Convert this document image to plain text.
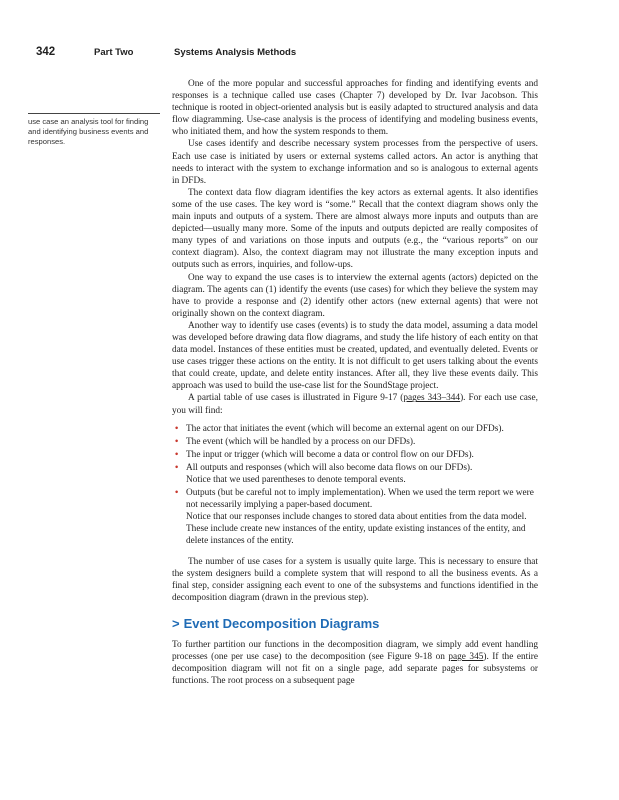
342	Part Two	Systems Analysis Methods
use case an analysis tool for finding and identifying business events and responses.

One of the more popular and successful approaches for finding and identifying events and responses is a technique called use cases (Chapter 7) developed by Dr. Ivar Jacobson. This technique is rooted in object-oriented analysis but is easily adapted to structured analysis and data flow diagramming. Use-case analysis is the process of identifying and modeling business events, who initiated them, and how the system responds to them.

Use cases identify and describe necessary system processes from the perspective of users. Each use case is initiated by users or external systems called actors. An actor is anything that needs to interact with the system to exchange information and so is analogous to external agents in DFDs.

The context data flow diagram identifies the key actors as external agents. It also identifies some of the use cases. The key word is “some.” Recall that the context diagram shows only the main inputs and outputs of a system. There are almost always more inputs and outputs than are depicted—usually many more. Some of the inputs and outputs depicted are really composites of many types of and variations on those inputs and outputs (e.g., the “various reports” on our context diagram). Also, the context diagram may not illustrate the many exception inputs and outputs such as errors, inquiries, and follow-ups.

One way to expand the use cases is to interview the external agents (actors) depicted on the diagram. The agents can (1) identify the events (use cases) for which they believe the system may have to provide a response and (2) identify other actors (new external agents) that were not originally shown on the context diagram.

Another way to identify use cases (events) is to study the data model, assuming a data model was developed before drawing data flow diagrams, and study the life history of each entity on that data model. Instances of these entities must be created, updated, and eventually deleted. Events or use cases trigger these actions on the entity. It is not difficult to get users talking about the events that could create, update, and delete entity instances. After all, they live these events daily. This approach was used to build the use-case list for the SoundStage project.

A partial table of use cases is illustrated in Figure 9-17 (pages 343–344). For each use case, you will find:

• The actor that initiates the event (which will become an external agent on our DFDs).
• The event (which will be handled by a process on our DFDs).
• The input or trigger (which will become a data or control flow on our DFDs).
• All outputs and responses (which will also become data flows on our DFDs).
Notice that we used parentheses to denote temporal events.
• Outputs (but be careful not to imply implementation). When we used the term report we were not necessarily implying a paper-based document.
Notice that our responses include changes to stored data about entities from the data model. These include create new instances of the entity, update existing instances of the entity, and delete instances of the entity.

The number of use cases for a system is usually quite large. This is necessary to ensure that the system designers build a complete system that will respond to all the business events. As a final step, consider assigning each event to one of the subsystems and functions identified in the decomposition diagram (drawn in the previous step).

> Event Decomposition Diagrams

To further partition our functions in the decomposition diagram, we simply add event handling processes (one per use case) to the decomposition (see Figure 9-18 on page 345). If the entire decomposition diagram will not fit on a single page, add separate pages for subsystems or functions. The root process on a subsequent page
